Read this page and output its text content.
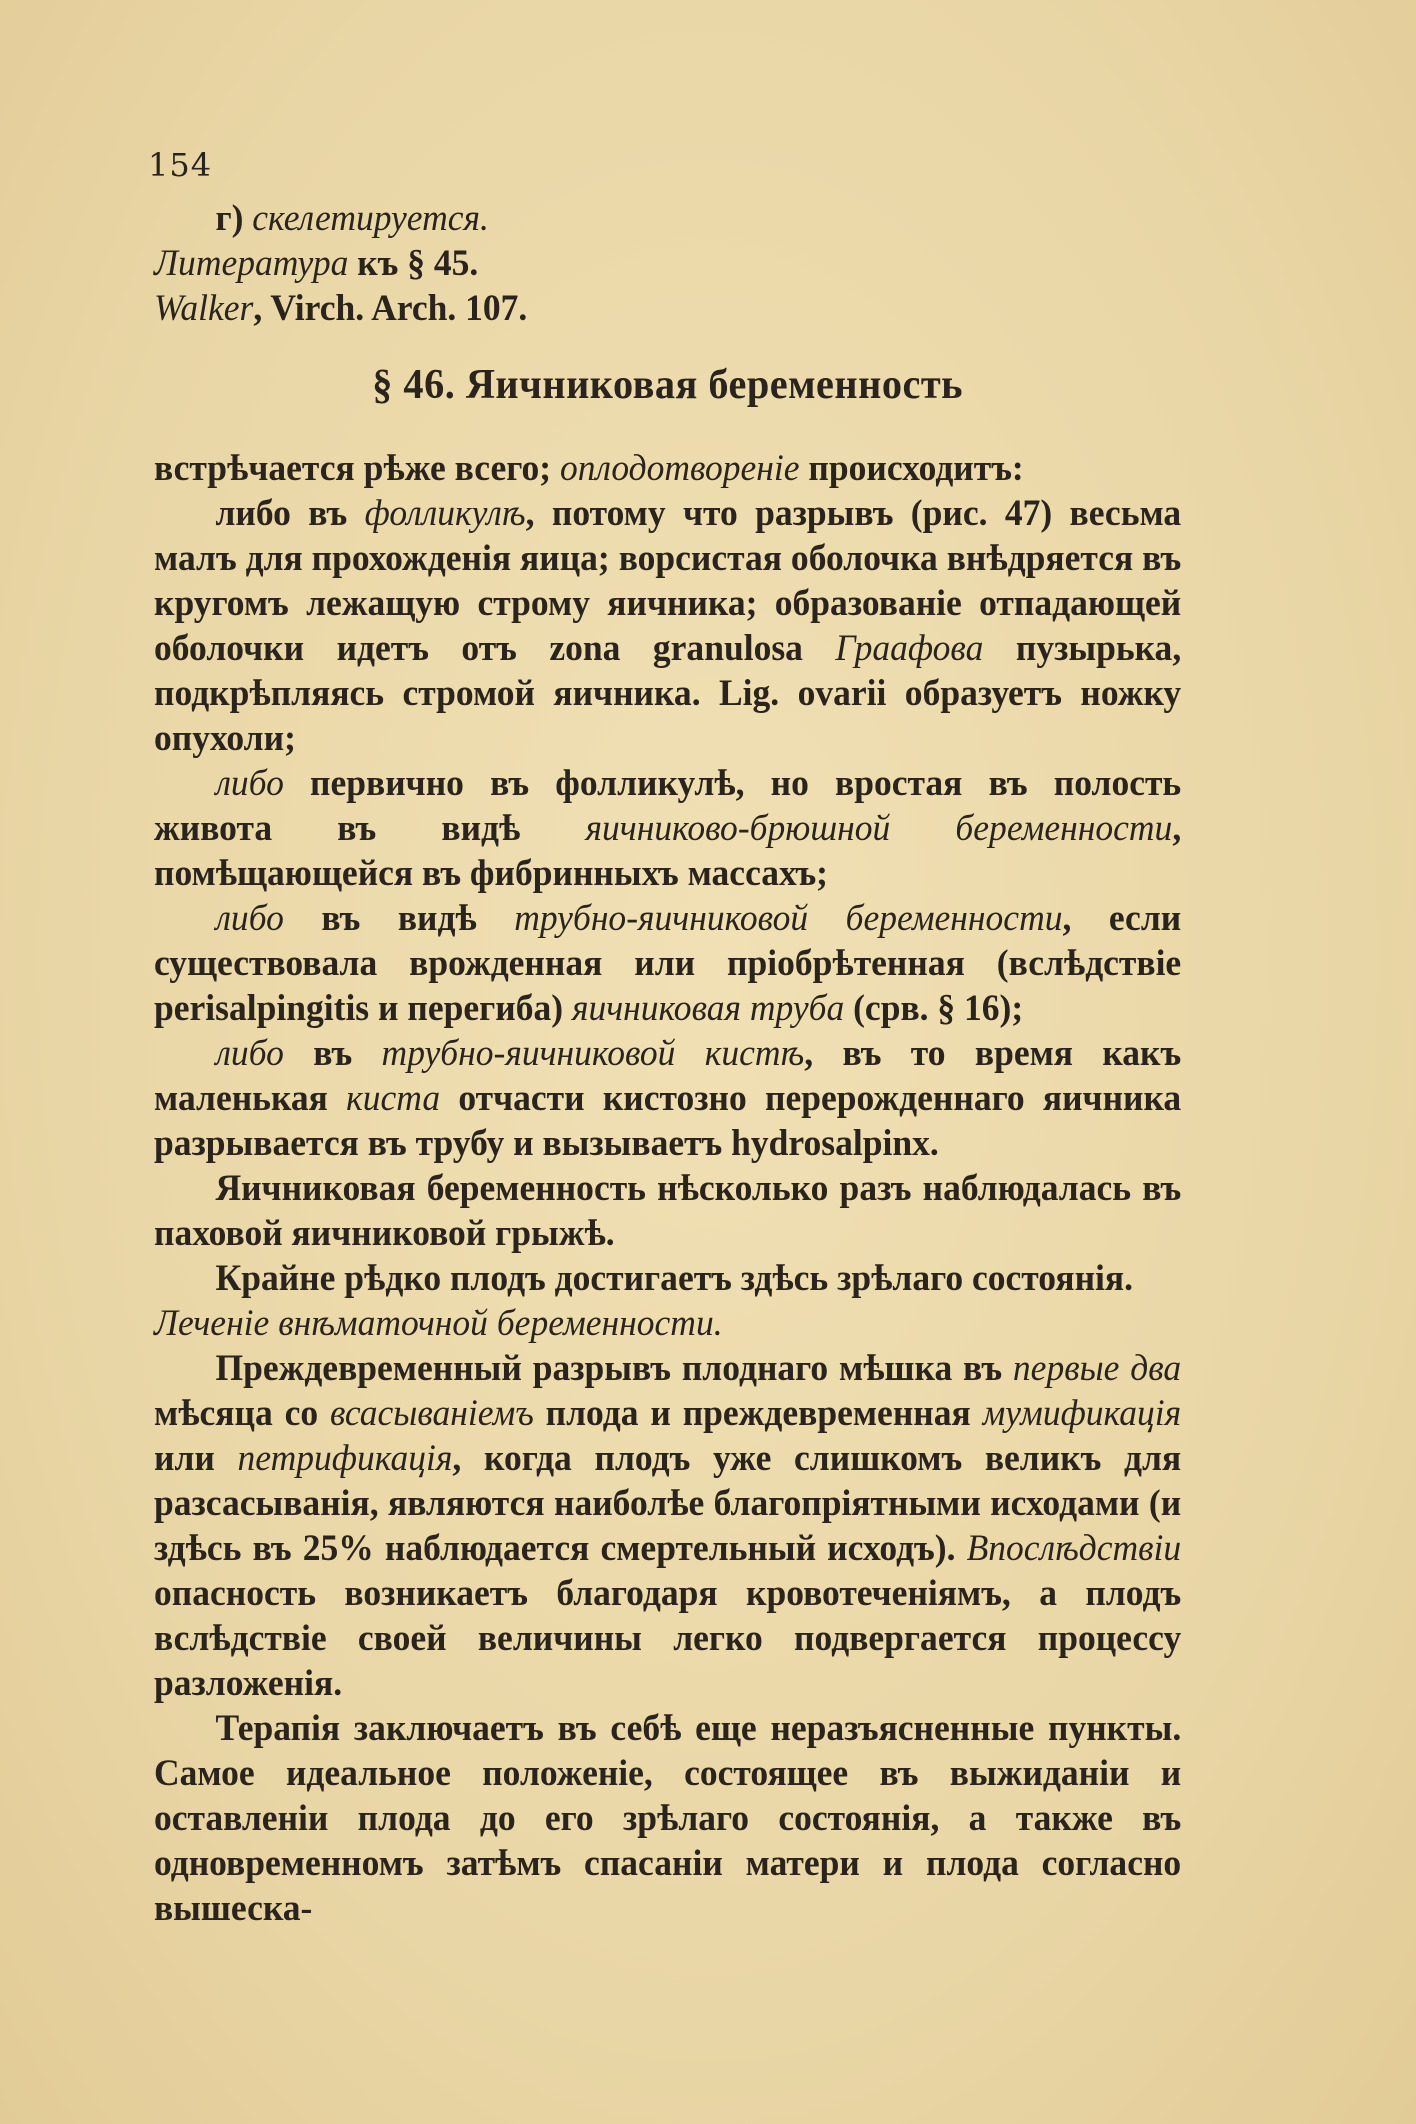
154

г) скелетируется.

Литература къ § 45.

Walker, Virch. Arch. 107.

§ 46. Яичниковая беременность

встрѣчается рѣже всего; оплодотвореніе происходитъ:

либо въ фолликулѣ, потому что разрывъ (рис. 47) весьма малъ для прохожденія яица; ворсистая оболочка внѣдряется въ кругомъ лежащую строму яичника; образованіе отпадающей оболочки идетъ отъ zona granulosa Граафова пузырька, подкрѣпляясь стромой яичника. Lig. ovarii образуетъ ножку опухоли;

либо первично въ фолликулѣ, но вростая въ полость живота въ видѣ яичниково-брюшной беременности, помѣщающейся въ фибринныхъ массахъ;

либо въ видѣ трубно-яичниковой беременности, если существовала врожденная или пріобрѣтенная (вслѣдствіе perisalpingitis и перегиба) яичниковая труба (срв. § 16);

либо въ трубно-яичниковой кистѣ, въ то время какъ маленькая киста отчасти кистозно перерожденнаго яичника разрывается въ трубу и вызываетъ hydrosalpinx.

Яичниковая беременность нѣсколько разъ наблюдалась въ паховой яичниковой грыжѣ.

Крайне рѣдко плодъ достигаетъ здѣсь зрѣлаго состоянія.

Леченіе внѣматочной беременности.

Преждевременный разрывъ плоднаго мѣшка въ первые два мѣсяца со всасываніемъ плода и преждевременная мумификація или петрификація, когда плодъ уже слишкомъ великъ для разсасыванія, являются наиболѣе благопріятными исходами (и здѣсь въ 25% наблюдается смертельный исходъ). Впослѣдствіи опасность возникаетъ благодаря кровотеченіямъ, а плодъ вслѣдствіе своей величины легко подвергается процессу разложенія.

Терапія заключаетъ въ себѣ еще неразъясненные пункты. Самое идеальное положеніе, состоящее въ выжиданіи и оставленіи плода до его зрѣлаго состоянія, а также въ одновременномъ затѣмъ спасаніи матери и плода согласно вышеска-
